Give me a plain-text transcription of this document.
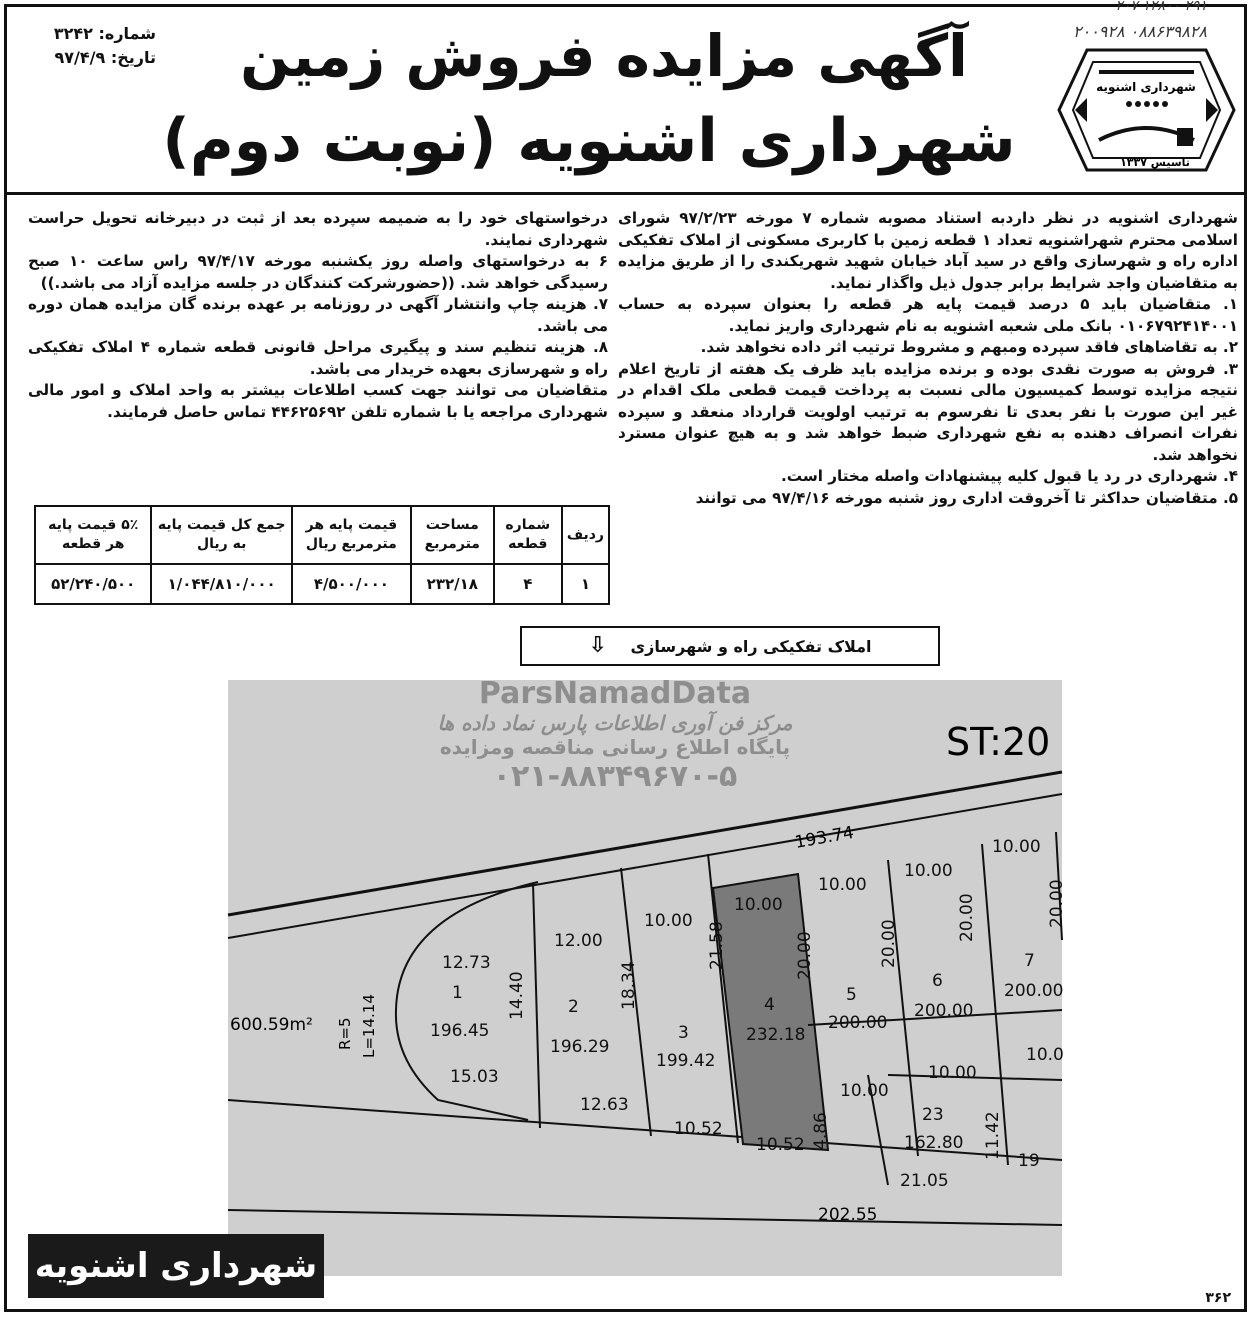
۲۰۷ ۱۲۸۰۰ ۲۹۱
۲۰۰۹۲۸ ۰۸۸۶۳۹۸۲۸
شهرداری اشنویه
تاسیس ۱۳۳۷
آگهی مزایده فروش زمین
شهرداری اشنویه (نوبت دوم)
شماره: ۳۲۴۲
تاریخ: ۹۷/۴/۹

شهرداری اشنویه در نظر داردبه استناد مصوبه شماره ۷ مورخه ۹۷/۲/۲۳ شورای اسلامی محترم شهراشنویه تعداد ۱ قطعه زمین با کاربری مسکونی از املاک تفکیکی اداره راه و شهرسازی واقع در سید آباد خیابان شهید شهریکندی را از طریق مزایده به متقاضیان واجد شرایط برابر جدول ذیل واگذار نماید.

۱. متقاضیان باید ۵ درصد قیمت پایه هر قطعه را بعنوان سپرده به حساب ۰۱۰۶۷۹۲۴۱۴۰۰۱ بانک ملی شعبه اشنویه به نام شهرداری واریز نماید.

۲. به تقاضاهای فاقد سپرده ومبهم و مشروط ترتیب اثر داده نخواهد شد.

۳. فروش به صورت نقدی بوده و برنده مزایده باید ظرف یک هفته از تاریخ اعلام نتیجه مزایده توسط کمیسیون مالی نسبت به پرداخت قیمت قطعی ملک اقدام در غیر این صورت با نفر بعدی تا نفرسوم به ترتیب اولویت قرارداد منعقد و سپرده نفرات انصراف دهنده به نفع شهرداری ضبط خواهد شد و به هیچ عنوان مسترد نخواهد شد.

۴. شهرداری در رد یا قبول کلیه پیشنهادات واصله مختار است.

۵. متقاضیان حداکثر تا آخروقت اداری روز شنبه مورخه ۹۷/۴/۱۶ می توانند

درخواستهای خود را به ضمیمه سپرده بعد از ثبت در دبیرخانه تحویل حراست شهرداری نمایند.

۶ به درخواستهای واصله روز یکشنبه مورخه ۹۷/۴/۱۷ راس ساعت ۱۰ صبح رسیدگی خواهد شد. ((حضورشرکت کنندگان در جلسه مزایده آزاد می باشد.))

۷. هزینه چاپ وانتشار آگهی در روزنامه بر عهده برنده گان مزایده همان دوره می باشد.

۸. هزینه تنظیم سند و پیگیری مراحل قانونی قطعه شماره ۴ املاک تفکیکی راه و شهرسازی بعهده خریدار می باشد.

متقاضیان می توانند جهت کسب اطلاعات بیشتر به واحد املاک و امور مالی شهرداری مراجعه یا با شماره تلفن ۴۴۶۲۵۶۹۲ تماس حاصل فرمایند.

ردیف	شماره قطعه	مساحت مترمربع	قیمت پایه هر مترمربع ریال	جمع کل قیمت پایه به ریال	۵٪ قیمت پایه هر قطعه
۱	۴	۲۳۲/۱۸	۴/۵۰۰/۰۰۰	۱/۰۴۴/۸۱۰/۰۰۰	۵۲/۲۴۰/۵۰۰
املاک تفکیکی راه و شهرسازی ⇩
ST:20
193.74
202.55
600.59m² R=5 L=14.14
12.73
1
196.45
14.40
15.03
12.00
2
196.29
18.34
12.63
10.00
3
199.42
21.58
10.52
10.00
4
232.18
20.00
10.52 4.86
10.00
5
200.00
20.00
10.00
10.00
6
200.00
20.00
10.00
10.00
7
200.00
20.00
10.0
23
162.80 11.42
21.05
19
ParsNamadData
مرکز فن آوری اطلاعات پارس نماد داده ها
پایگاه اطلاع رسانی مناقصه ومزایده
۰۲۱-۸۸۳۴۹۶۷۰-۵
شهرداری اشنویه
۳۶۲
